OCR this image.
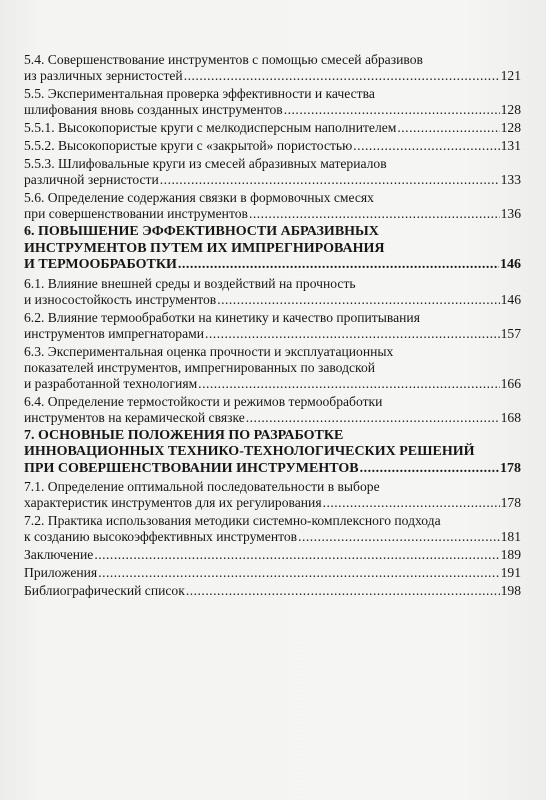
5.4. Совершенствование инструментов с помощью смесей абразивов
из различных зернистостей .....	121
5.5. Экспериментальная проверка эффективности и качества
шлифования вновь созданных инструментов .....	128
5.5.1. Высокопористые круги с мелкодисперсным наполнителем .....	128
5.5.2. Высокопористые круги с «закрытой» пористостью .....	131
5.5.3. Шлифовальные круги из смесей абразивных материалов
различной зернистости .....	133
5.6. Определение содержания связки в формовочных смесях
при совершенствовании инструментов .....	136
6. ПОВЫШЕНИЕ ЭФФЕКТИВНОСТИ АБРАЗИВНЫХ
ИНСТРУМЕНТОВ ПУТЕМ ИХ ИМПРЕГНИРОВАНИЯ
И ТЕРМООБРАБОТКИ .....	146
6.1. Влияние внешней среды и воздействий на прочность
и износостойкость инструментов .....	146
6.2. Влияние термообработки на кинетику и качество пропитывания
инструментов импрегнаторами .....	157
6.3. Экспериментальная оценка прочности и эксплуатационных
показателей инструментов, импрегнированных по заводской
и разработанной технологиям .....	166
6.4. Определение термостойкости и режимов термообработки
инструментов на керамической связке .....	168
7. ОСНОВНЫЕ ПОЛОЖЕНИЯ ПО РАЗРАБОТКЕ
ИННОВАЦИОННЫХ ТЕХНИКО-ТЕХНОЛОГИЧЕСКИХ РЕШЕНИЙ
ПРИ СОВЕРШЕНСТВОВАНИИ ИНСТРУМЕНТОВ .....	178
7.1. Определение оптимальной последовательности в выборе
характеристик инструментов для их регулирования .....	178
7.2. Практика использования методики системно-комплексного подхода
к созданию высокоэффективных инструментов .....	181
Заключение .....	189
Приложения .....	191
Библиографический список .....	198
